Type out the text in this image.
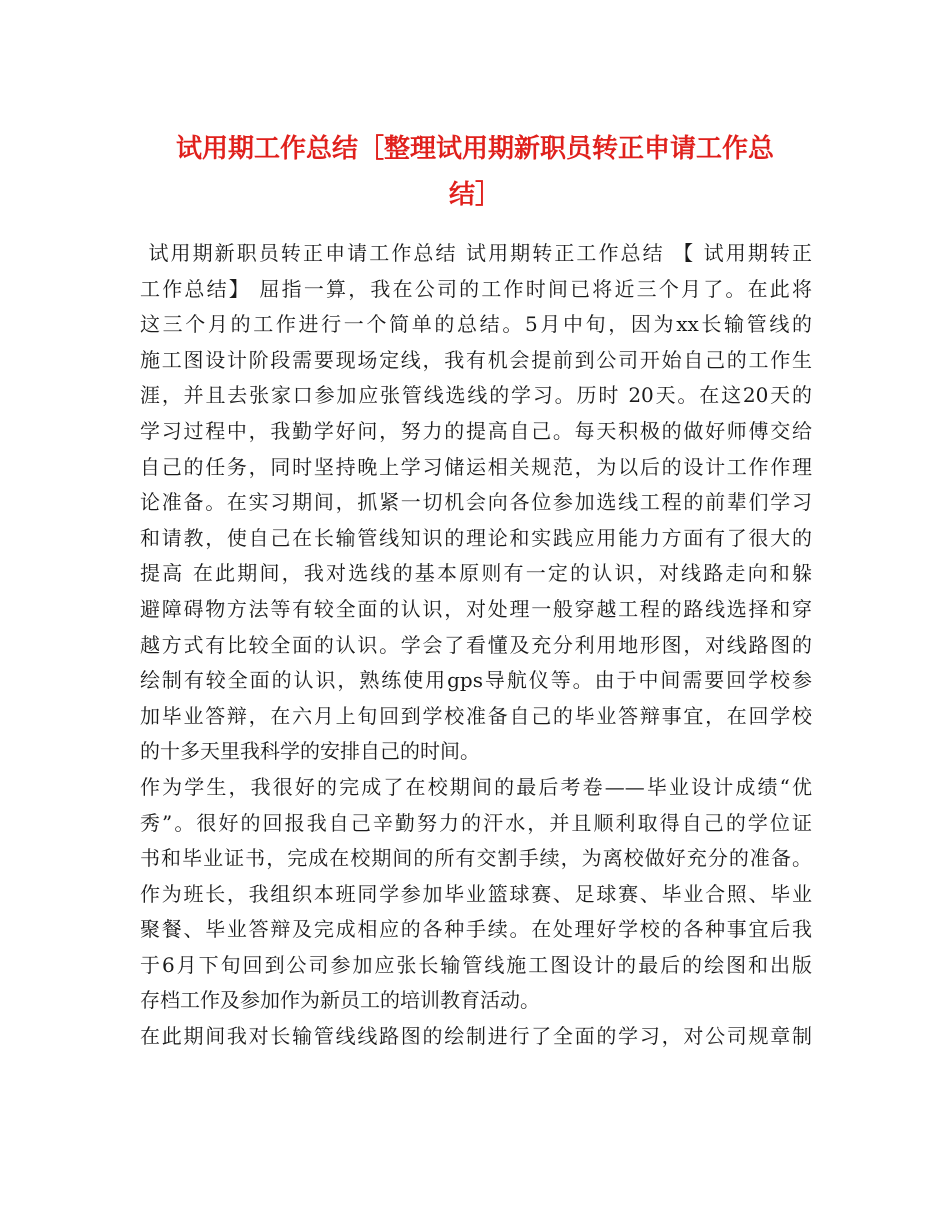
试用期工作总结［整理试用期新职员转正申请工作总
结］
试用期新职员转正申请工作总结 试用期转正工作总结 【 试用期转正
工作总结】 屈指一算，我在公司的工作时间已将近三个月了。在此将
这三个月的工作进行一个简单的总结。5月中旬，因为xx长输管线的
施工图设计阶段需要现场定线，我有机会提前到公司开始自己的工作生
涯，并且去张家口参加应张管线选线的学习。历时 20天。在这20天的
学习过程中，我勤学好问，努力的提高自己。每天积极的做好师傅交给
自己的任务，同时坚持晚上学习储运相关规范，为以后的设计工作作理
论准备。在实习期间，抓紧一切机会向各位参加选线工程的前辈们学习
和请教，使自己在长输管线知识的理论和实践应用能力方面有了很大的
提高 在此期间，我对选线的基本原则有一定的认识，对线路走向和躲
避障碍物方法等有较全面的认识，对处理一般穿越工程的路线选择和穿
越方式有比较全面的认识。学会了看懂及充分利用地形图，对线路图的
绘制有较全面的认识，熟练使用gps导航仪等。由于中间需要回学校参
加毕业答辩，在六月上旬回到学校准备自己的毕业答辩事宜，在回学校
的十多天里我科学的安排自己的时间。
作为学生，我很好的完成了在校期间的最后考卷——毕业设计成绩“优
秀”。很好的回报我自己辛勤努力的汗水，并且顺利取得自己的学位证
书和毕业证书，完成在校期间的所有交割手续，为离校做好充分的准备。
作为班长，我组织本班同学参加毕业篮球赛、足球赛、毕业合照、毕业
聚餐、毕业答辩及完成相应的各种手续。在处理好学校的各种事宜后我
于6月下旬回到公司参加应张长输管线施工图设计的最后的绘图和出版
存档工作及参加作为新员工的培训教育活动。
在此期间我对长输管线线路图的绘制进行了全面的学习，对公司规章制
